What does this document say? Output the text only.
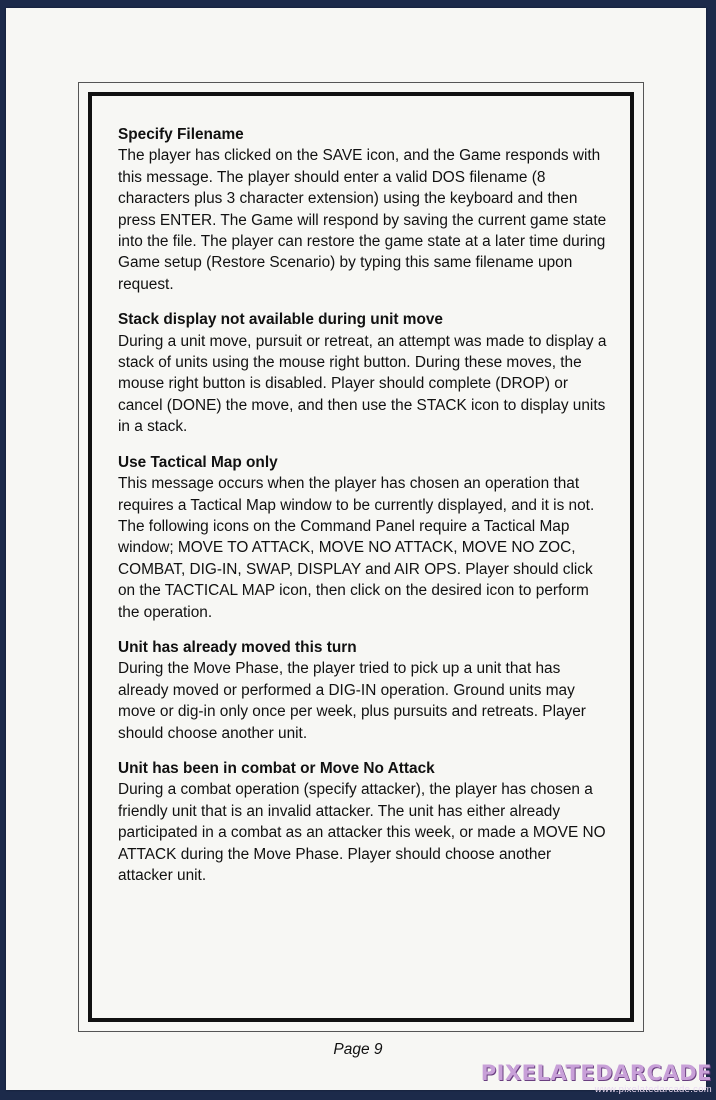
Specify Filename

The player has clicked on the SAVE icon, and the Game responds with this message. The player should enter a valid DOS filename (8 characters plus 3 character extension) using the keyboard and then press ENTER. The Game will respond by saving the current game state into the file. The player can restore the game state at a later time during Game setup (Restore Scenario) by typing this same filename upon request.

Stack display not available during unit move

During a unit move, pursuit or retreat, an attempt was made to display a stack of units using the mouse right button. During these moves, the mouse right button is disabled. Player should complete (DROP) or cancel (DONE) the move, and then use the STACK icon to display units in a stack.

Use Tactical Map only

This message occurs when the player has chosen an operation that requires a Tactical Map window to be currently displayed, and it is not. The following icons on the Command Panel require a Tactical Map window; MOVE TO ATTACK, MOVE NO ATTACK, MOVE NO ZOC, COMBAT, DIG-IN, SWAP, DISPLAY and AIR OPS. Player should click on the TACTICAL MAP icon, then click on the desired icon to perform the operation.

Unit has already moved this turn

During the Move Phase, the player tried to pick up a unit that has already moved or performed a DIG-IN operation. Ground units may move or dig-in only once per week, plus pursuits and retreats. Player should choose another unit.

Unit has been in combat or Move No Attack

During a combat operation (specify attacker), the player has chosen a friendly unit that is an invalid attacker. The unit has either already participated in a combat as an attacker this week, or made a MOVE NO ATTACK during the Move Phase. Player should choose another attacker unit.

Page 9
PIXELATEDARCADE
www.pixelatedarcade.com
